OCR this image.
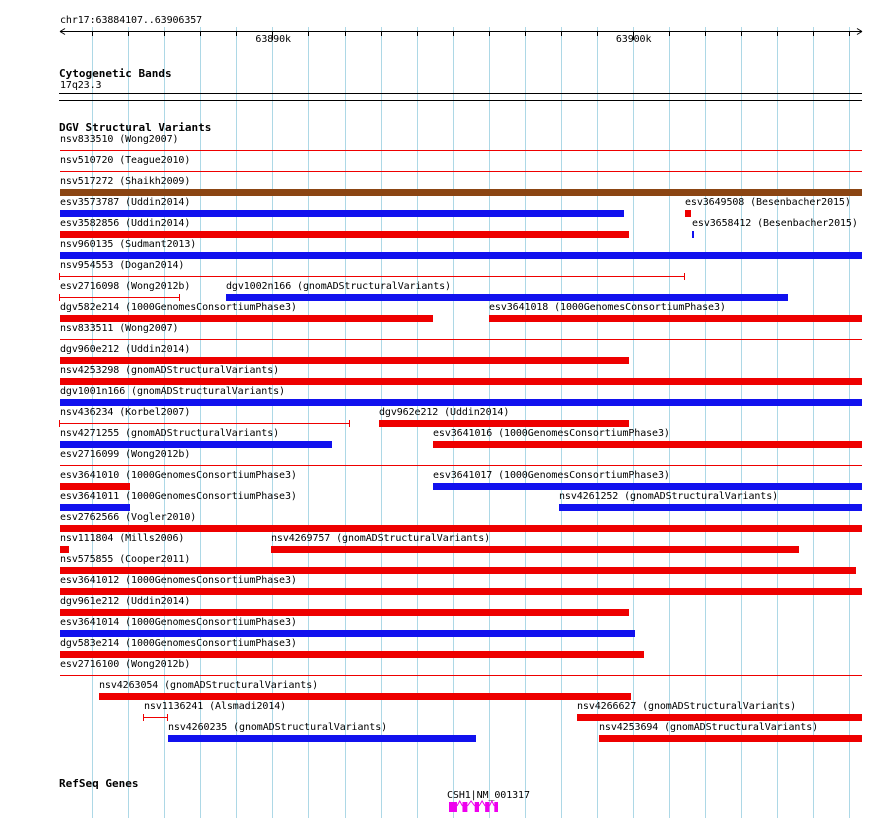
chr17:63884107..63906357
Cytogenetic Bands
17q23.3
DGV Structural Variants
nsv833510 (Wong2007)
nsv510720 (Teague2010)
nsv517272 (Shaikh2009)
esv3573787 (Uddin2014)	esv3649508 (Besenbacher2015)
esv3582856 (Uddin2014)	esv3658412 (Besenbacher2015)
nsv960135 (Sudmant2013)
nsv954553 (Dogan2014)
esv2716098 (Wong2012b)	dgv1002n166 (gnomADStructuralVariants)
dgv582e214 (1000GenomesConsortiumPhase3)	esv3641018 (1000GenomesConsortiumPhase3)
nsv833511 (Wong2007)
dgv960e212 (Uddin2014)
nsv4253298 (gnomADStructuralVariants)
dgv1001n166 (gnomADStructuralVariants)
nsv436234 (Korbel2007)	dgv962e212 (Uddin2014)
nsv4271255 (gnomADStructuralVariants)	esv3641016 (1000GenomesConsortiumPhase3)
esv2716099 (Wong2012b)
esv3641010 (1000GenomesConsortiumPhase3)	esv3641017 (1000GenomesConsortiumPhase3)
esv3641011 (1000GenomesConsortiumPhase3)	nsv4261252 (gnomADStructuralVariants)
esv2762566 (Vogler2010)
nsv111804 (Mills2006)	nsv4269757 (gnomADStructuralVariants)
nsv575855 (Cooper2011)
esv3641012 (1000GenomesConsortiumPhase3)
dgv961e212 (Uddin2014)
esv3641014 (1000GenomesConsortiumPhase3)
dgv583e214 (1000GenomesConsortiumPhase3)
esv2716100 (Wong2012b)
nsv4263054 (gnomADStructuralVariants)
nsv1136241 (Alsmadi2014)	nsv4266627 (gnomADStructuralVariants)
nsv4260235 (gnomADStructuralVariants)	nsv4253694 (gnomADStructuralVariants)
RefSeq Genes
CSH1|NM_001317
63890k	63900k
